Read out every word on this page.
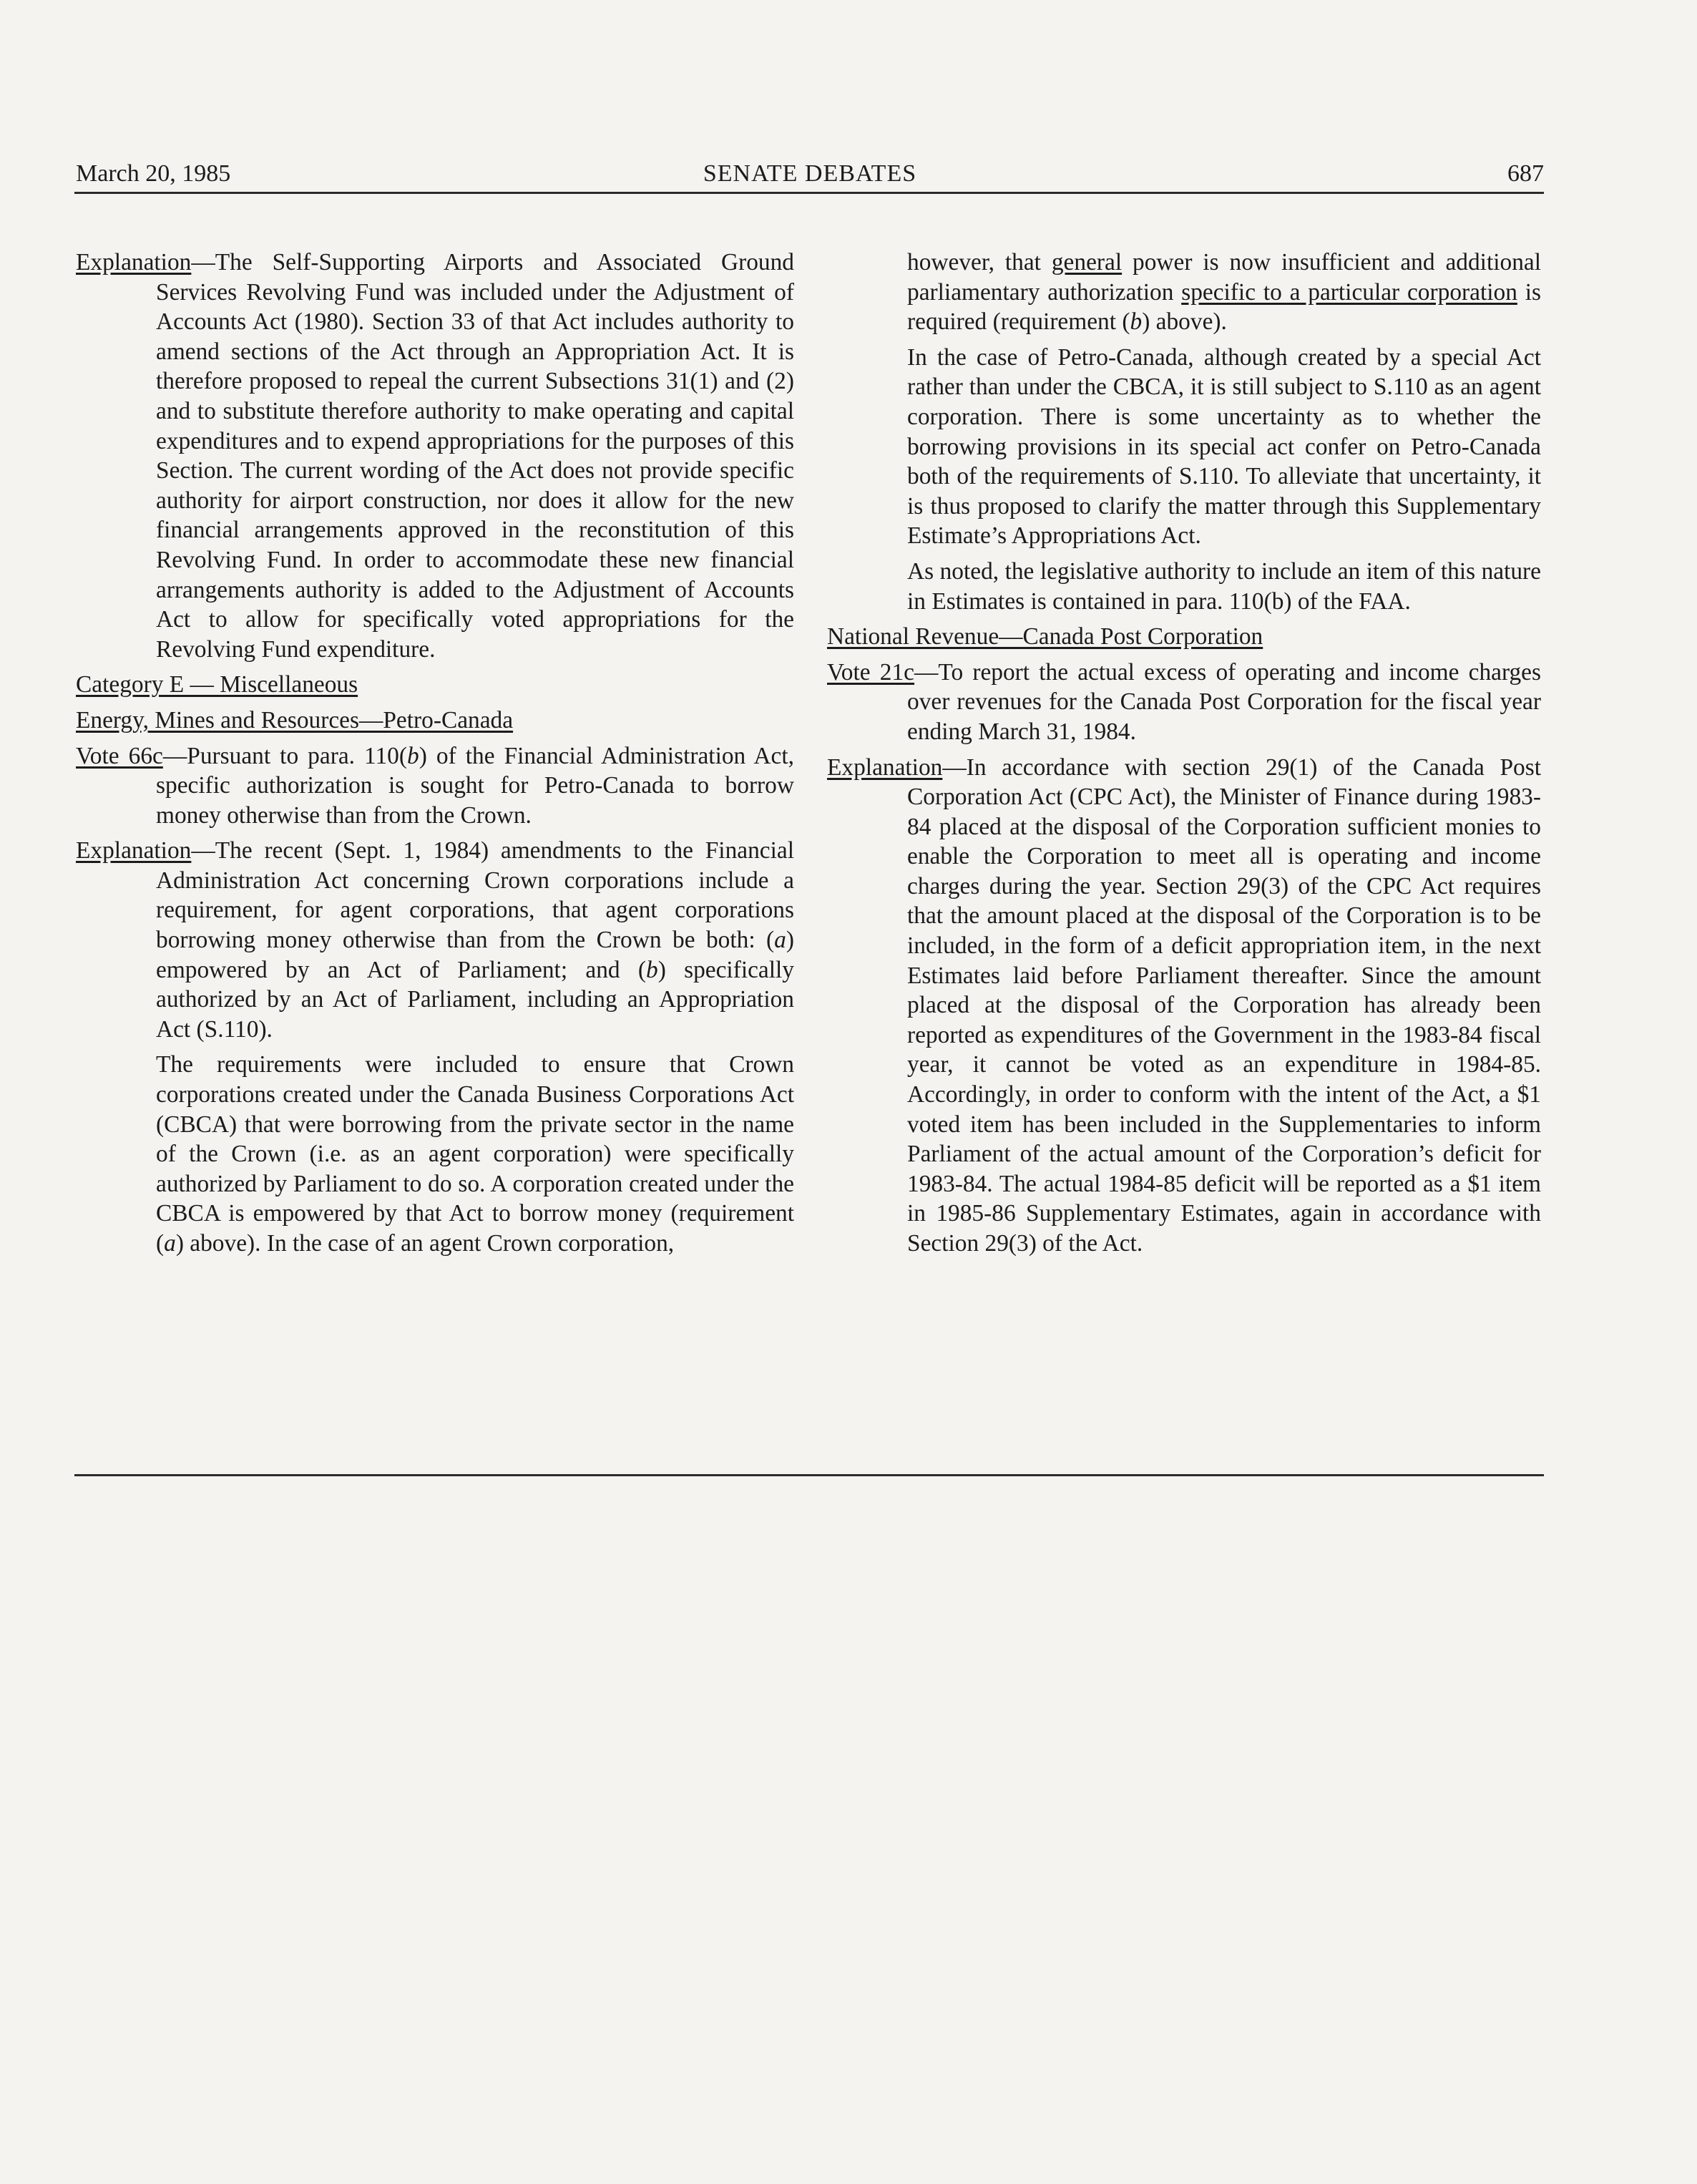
March 20, 1985	SENATE DEBATES	687

Explanation—The Self-Supporting Airports and Associated Ground Services Revolving Fund was included under the Adjustment of Accounts Act (1980). Section 33 of that Act includes authority to amend sections of the Act through an Appropriation Act. It is therefore proposed to repeal the current Subsections 31(1) and (2) and to substitute therefore authority to make operating and capital expenditures and to expend appropriations for the purposes of this Section. The current wording of the Act does not provide specific authority for airport construction, nor does it allow for the new financial arrangements approved in the reconstitution of this Revolving Fund. In order to accommodate these new financial arrangements authority is added to the Adjustment of Accounts Act to allow for specifically voted appropriations for the Revolving Fund expenditure.

Category E — Miscellaneous

Energy, Mines and Resources—Petro-Canada

Vote 66c—Pursuant to para. 110(b) of the Financial Administration Act, specific authorization is sought for Petro-Canada to borrow money otherwise than from the Crown.

Explanation—The recent (Sept. 1, 1984) amendments to the Financial Administration Act concerning Crown corporations include a requirement, for agent corporations, that agent corporations borrowing money otherwise than from the Crown be both: (a) empowered by an Act of Parliament; and (b) specifically authorized by an Act of Parliament, including an Appropriation Act (S.110).

The requirements were included to ensure that Crown corporations created under the Canada Business Corporations Act (CBCA) that were borrowing from the private sector in the name of the Crown (i.e. as an agent corporation) were specifically authorized by Parliament to do so. A corporation created under the CBCA is empowered by that Act to borrow money (requirement (a) above). In the case of an agent Crown corporation,

however, that general power is now insufficient and additional parliamentary authorization specific to a particular corporation is required (requirement (b) above).

In the case of Petro-Canada, although created by a special Act rather than under the CBCA, it is still subject to S.110 as an agent corporation. There is some uncertainty as to whether the borrowing provisions in its special act confer on Petro-Canada both of the requirements of S.110. To alleviate that uncertainty, it is thus proposed to clarify the matter through this Supplementary Estimate’s Appropriations Act.

As noted, the legislative authority to include an item of this nature in Estimates is contained in para. 110(b) of the FAA.

National Revenue—Canada Post Corporation

Vote 21c—To report the actual excess of operating and income charges over revenues for the Canada Post Corporation for the fiscal year ending March 31, 1984.

Explanation—In accordance with section 29(1) of the Canada Post Corporation Act (CPC Act), the Minister of Finance during 1983-84 placed at the disposal of the Corporation sufficient monies to enable the Corporation to meet all is operating and income charges during the year. Section 29(3) of the CPC Act requires that the amount placed at the disposal of the Corporation is to be included, in the form of a deficit appropriation item, in the next Estimates laid before Parliament thereafter. Since the amount placed at the disposal of the Corporation has already been reported as expenditures of the Government in the 1983-84 fiscal year, it cannot be voted as an expenditure in 1984-85. Accordingly, in order to conform with the intent of the Act, a $1 voted item has been included in the Supplementaries to inform Parliament of the actual amount of the Corporation’s deficit for 1983-84. The actual 1984-85 deficit will be reported as a $1 item in 1985-86 Supplementary Estimates, again in accordance with Section 29(3) of the Act.
